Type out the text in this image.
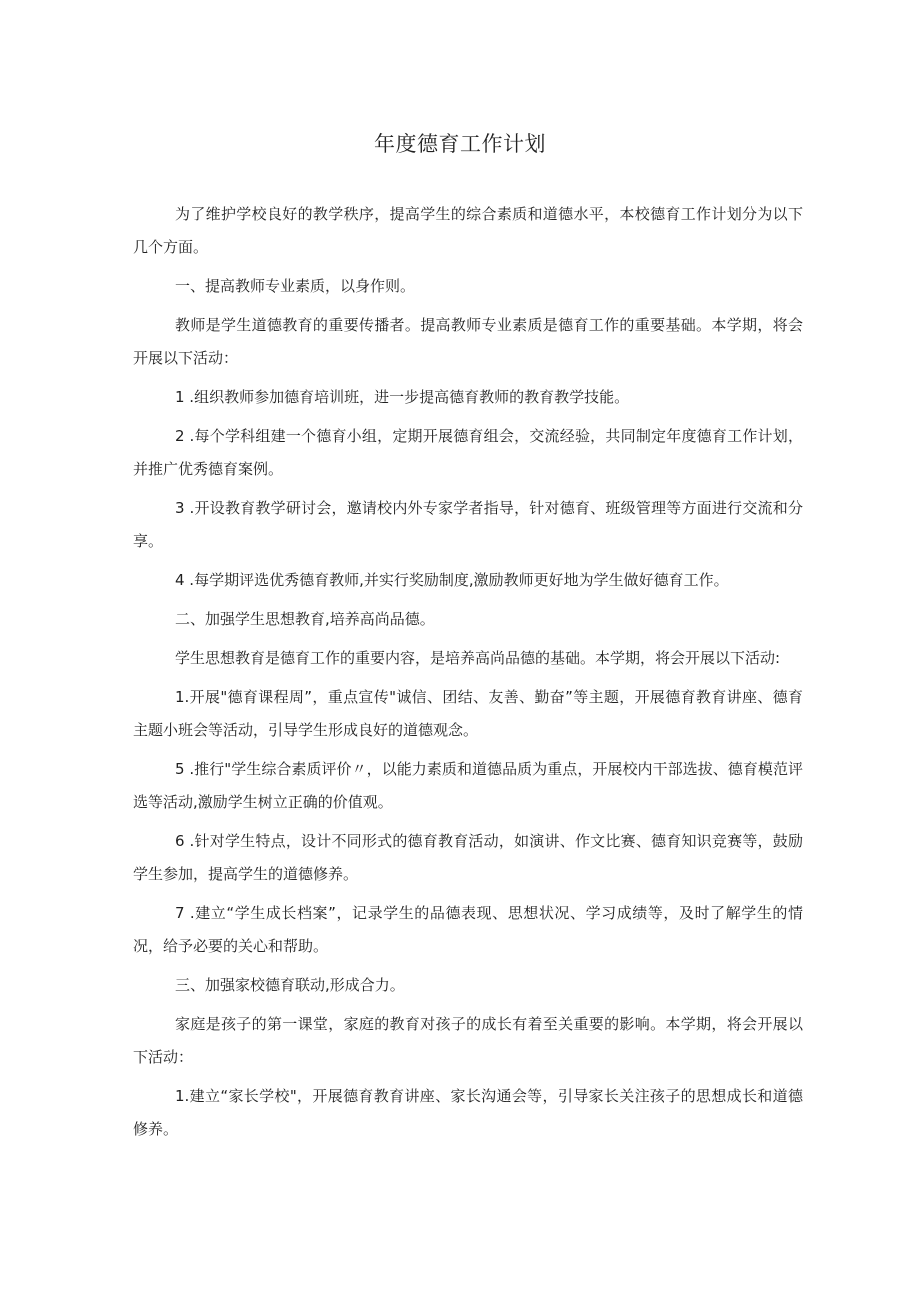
年度德育工作计划

为了维护学校良好的教学秩序，提高学生的综合素质和道德水平，本校德育工作计划分为以下几个方面。

一、提高教师专业素质，以身作则。

教师是学生道德教育的重要传播者。提高教师专业素质是德育工作的重要基础。本学期，将会开展以下活动：

1 .组织教师参加德育培训班，进一步提高德育教师的教育教学技能。

2 .每个学科组建一个德育小组，定期开展德育组会，交流经验，共同制定年度德育工作计划，并推广优秀德育案例。

3 .开设教育教学研讨会，邀请校内外专家学者指导，针对德育、班级管理等方面进行交流和分享。

4 .每学期评选优秀德育教师,并实行奖励制度,激励教师更好地为学生做好德育工作。

二、加强学生思想教育,培养高尚品德。

学生思想教育是德育工作的重要内容，是培养高尚品德的基础。本学期，将会开展以下活动:

1.开展"德育课程周”，重点宣传"诚信、团结、友善、勤奋”等主题，开展德育教育讲座、德育主题小班会等活动，引导学生形成良好的道德观念。

5 .推行"学生综合素质评价〃，以能力素质和道德品质为重点，开展校内干部选拔、德育模范评选等活动,激励学生树立正确的价值观。

6 .针对学生特点，设计不同形式的德育教育活动，如演讲、作文比赛、德育知识竞赛等，鼓励学生参加，提高学生的道德修养。

7 .建立“学生成长档案”，记录学生的品德表现、思想状况、学习成绩等，及时了解学生的情况，给予必要的关心和帮助。

三、加强家校德育联动,形成合力。

家庭是孩子的第一课堂，家庭的教育对孩子的成长有着至关重要的影响。本学期，将会开展以下活动：

1.建立“家长学校"，开展德育教育讲座、家长沟通会等，引导家长关注孩子的思想成长和道德修养。
